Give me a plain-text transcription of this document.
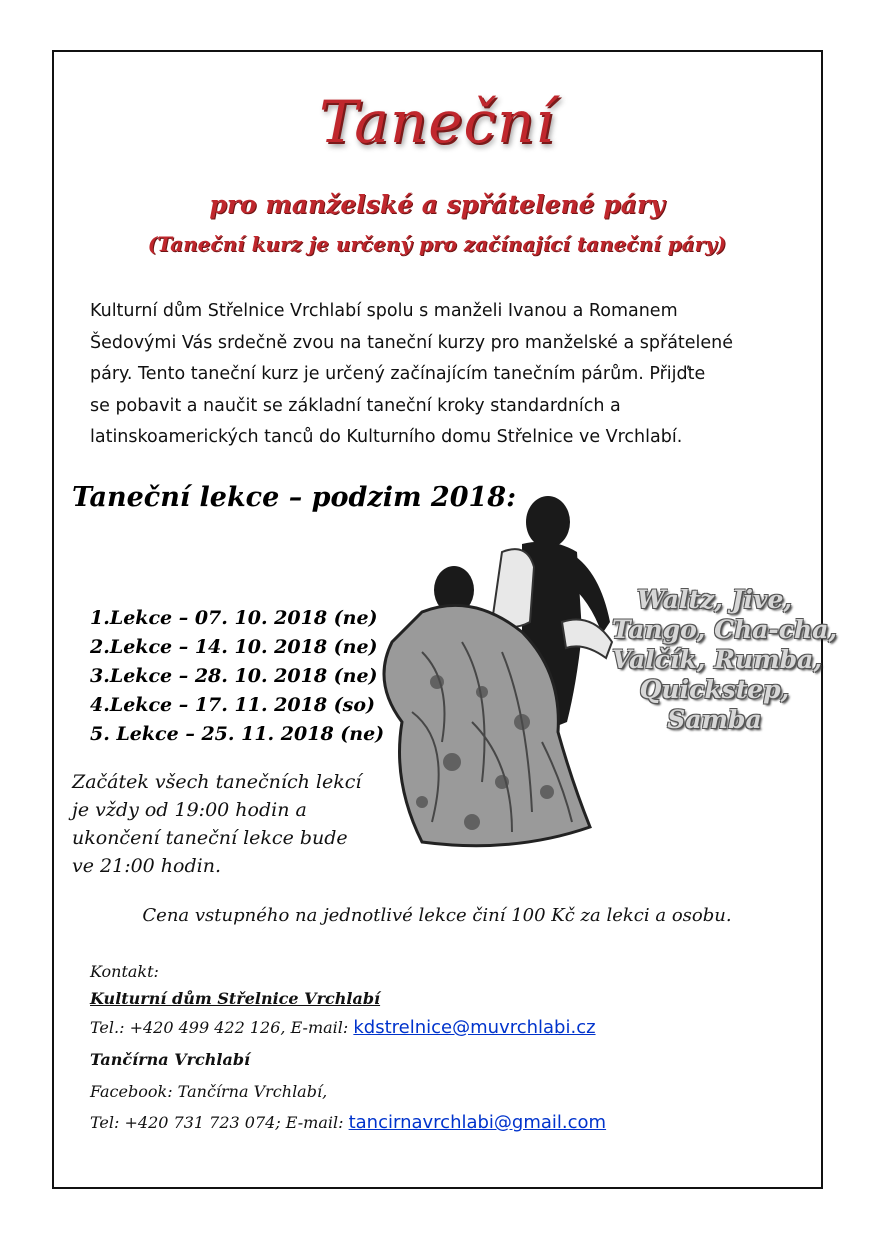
Taneční
pro manželské a spřátelené páry
(Taneční kurz je určený pro začínající taneční páry)
Kulturní dům Střelnice Vrchlabí spolu s manželi Ivanou a Romanem
Šedovými Vás srdečně zvou na taneční kurzy pro manželské a spřátelené
páry. Tento taneční kurz je určený začínajícím tanečním párům. Přijďte
se pobavit a naučit se základní taneční kroky standardních a
latinskoamerických tanců do Kulturního domu Střelnice ve Vrchlabí.
Taneční lekce – podzim 2018:
Waltz, Jive,
Tango, Cha-cha,
Valčík, Rumba,
Quickstep,
Samba
1.Lekce – 07. 10. 2018 (ne)
2.Lekce – 14. 10. 2018 (ne)
3.Lekce – 28. 10. 2018 (ne)
4.Lekce – 17. 11. 2018 (so)
5. Lekce – 25. 11. 2018 (ne)
Začátek všech tanečních lekcí
je vždy od 19:00 hodin a
ukončení taneční lekce bude
ve 21:00 hodin.
Cena vstupného na jednotlivé lekce činí 100 Kč za lekci a osobu.
Kontakt:
Kulturní dům Střelnice Vrchlabí
Tel.: +420 499 422 126, E-mail: kdstrelnice@muvrchlabi.cz
Tančírna Vrchlabí
Facebook: Tančírna Vrchlabí,
Tel: +420 731 723 074; E-mail: tancirnavrchlabi@gmail.com
